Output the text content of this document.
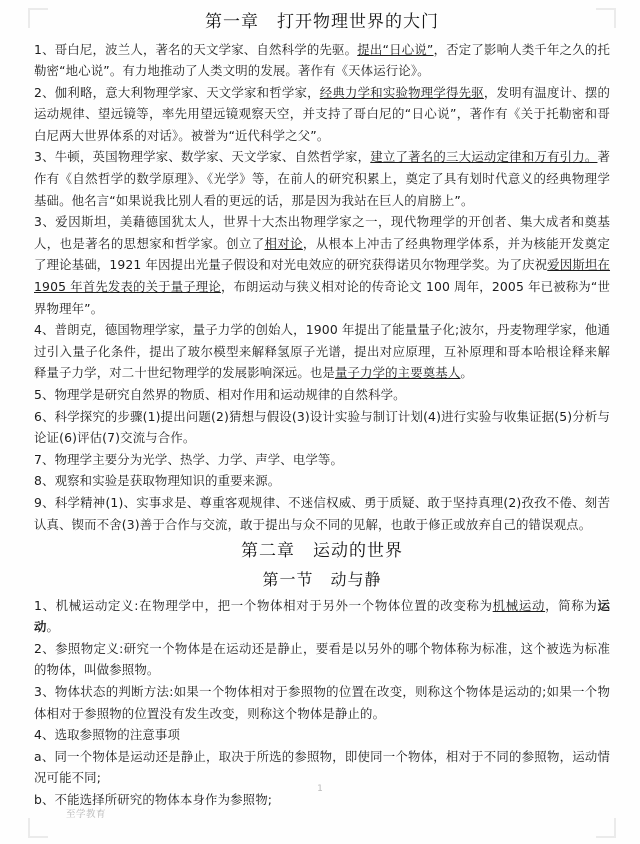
第一章　打开物理世界的大门

1、哥白尼，波兰人，著名的天文学家、自然科学的先驱。提出“日心说”，否定了影响人类千年之久的托勒密“地心说”。有力地推动了人类文明的发展。著作有《天体运行论》。

2、伽利略，意大利物理学家、天文学家和哲学家，经典力学和实验物理学得先驱，发明有温度计、摆的运动规律、望远镜等，率先用望远镜观察天空，并支持了哥白尼的“日心说”，著作有《关于托勒密和哥白尼两大世界体系的对话》。被誉为“近代科学之父”。

3、牛顿，英国物理学家、数学家、天文学家、自然哲学家，建立了著名的三大运动定律和万有引力。著作有《自然哲学的数学原理》、《光学》等，在前人的研究积累上，奠定了具有划时代意义的经典物理学基础。他名言“如果说我比别人看的更远的话，那是因为我站在巨人的肩膀上”。

3、爱因斯坦，美藉德国犹太人，世界十大杰出物理学家之一，现代物理学的开创者、集大成者和奠基人，也是著名的思想家和哲学家。创立了相对论，从根本上冲击了经典物理学体系，并为核能开发奠定了理论基础，1921 年因提出光量子假设和对光电效应的研究获得诺贝尔物理学奖。为了庆祝爱因斯坦在 1905 年首先发表的关于量子理论，布朗运动与狭义相对论的传奇论文 100 周年，2005 年已被称为“世界物理年”。

4、普朗克，德国物理学家，量子力学的创始人，1900 年提出了能量量子化;波尔，丹麦物理学家，他通过引入量子化条件，提出了玻尔模型来解释氢原子光谱，提出对应原理，互补原理和哥本哈根诠释来解释量子力学，对二十世纪物理学的发展影响深远。也是量子力学的主要奠基人。

5、物理学是研究自然界的物质、相对作用和运动规律的自然科学。

6、科学探究的步骤(1)提出问题(2)猜想与假设(3)设计实验与制订计划(4)进行实验与收集证据(5)分析与论证(6)评估(7)交流与合作。

7、物理学主要分为光学、热学、力学、声学、电学等。

8、观察和实验是获取物理知识的重要来源。

9、科学精神(1)、实事求是、尊重客观规律、不迷信权威、勇于质疑、敢于坚持真理(2)孜孜不倦、刻苦认真、锲而不舍(3)善于合作与交流，敢于提出与众不同的见解，也敢于修正或放弃自己的错误观点。

第二章　运动的世界
第一节　动与静

1、机械运动定义:在物理学中，把一个物体相对于另外一个物体位置的改变称为机械运动，简称为运动。

2、参照物定义:研究一个物体是在运动还是静止，要看是以另外的哪个物体称为标准，这个被选为标准的物体，叫做参照物。

3、物体状态的判断方法:如果一个物体相对于参照物的位置在改变，则称这个物体是运动的;如果一个物体相对于参照物的位置没有发生改变，则称这个物体是静止的。

4、选取参照物的注意事项

a、同一个物体是运动还是静止，取决于所选的参照物，即使同一个物体，相对于不同的参照物，运动情况可能不同;

b、不能选择所研究的物体本身作为参照物;

1
至学教育
